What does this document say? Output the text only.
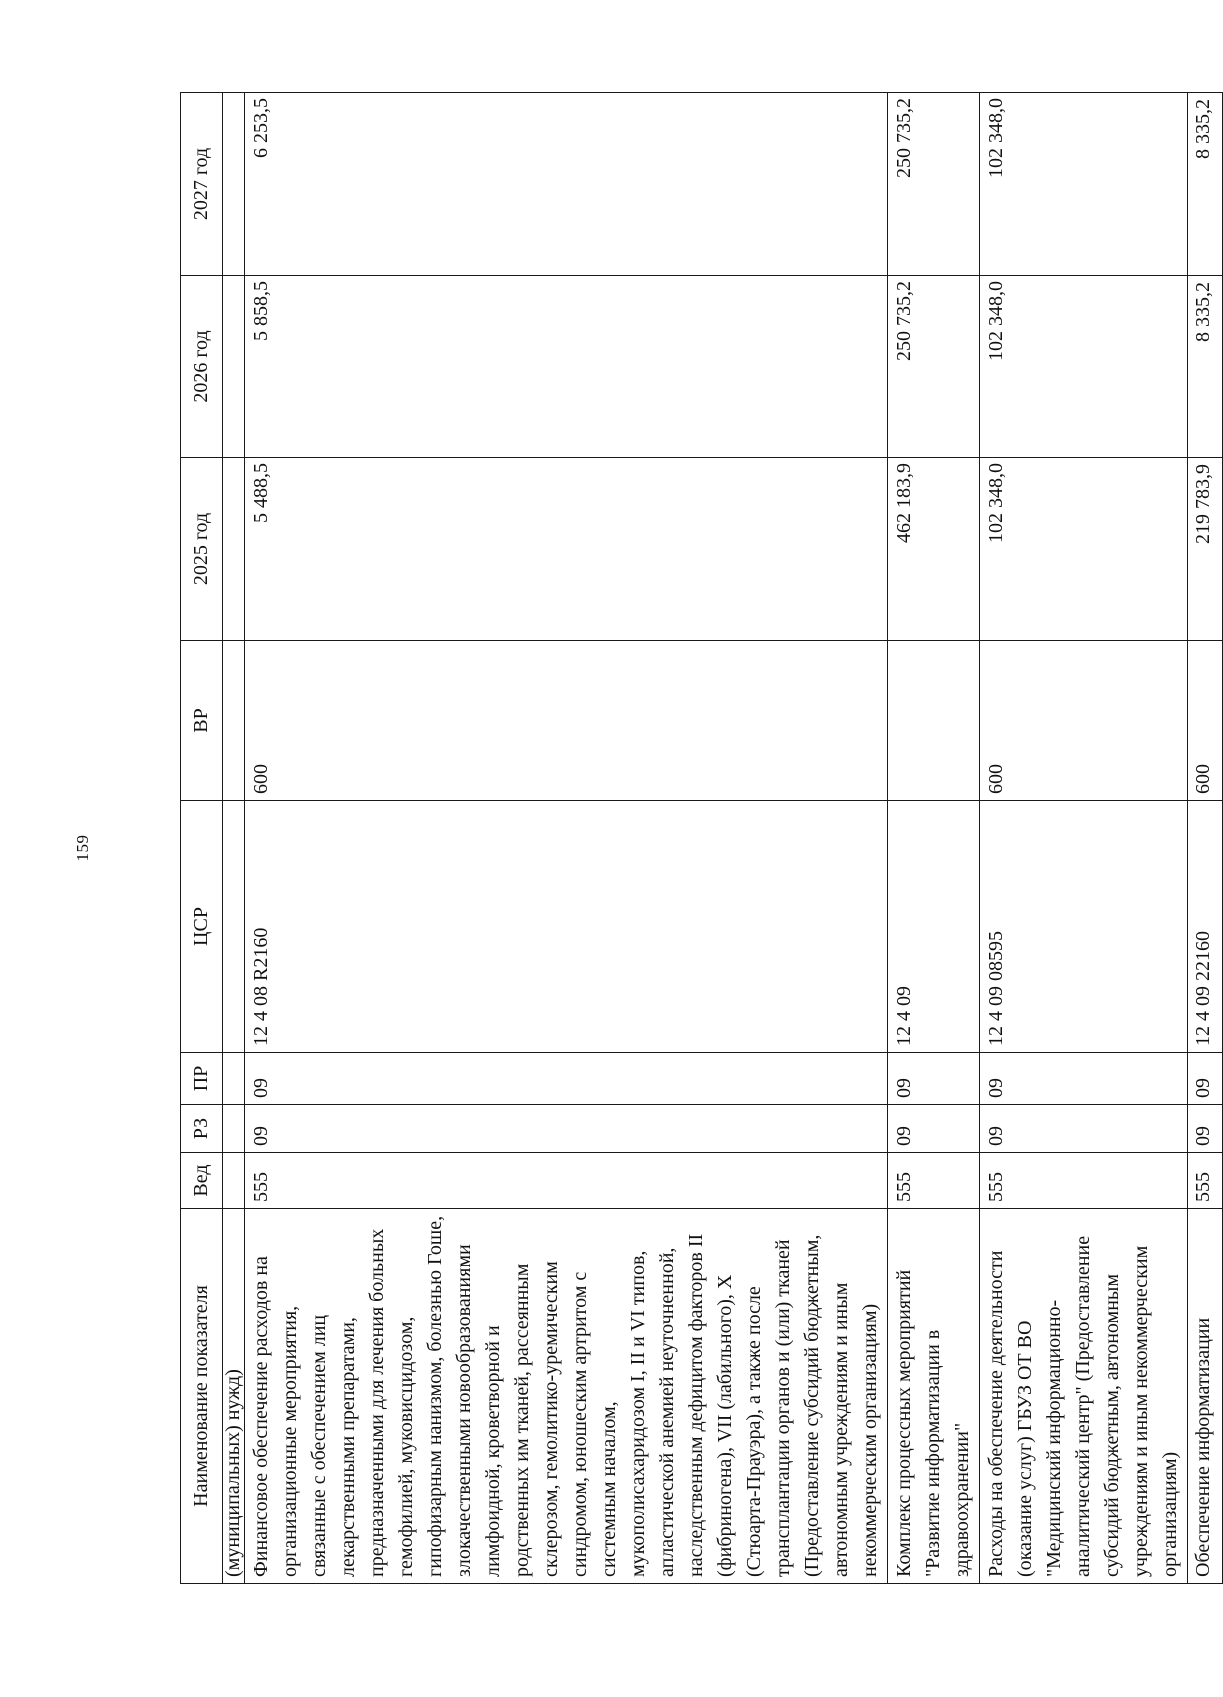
159
Наименование показателя	Вед	РЗ	ПР	ЦСР	ВР	2025 год	2026 год	2027 год
(муниципальных) нужд)								
Финансовое обеспечение расходов на организационные мероприятия, связанные с обеспечением лиц лекарственными препаратами, предназначенными для лечения больных гемофилией, муковисцидозом, гипофизарным нанизмом, болезнью Гоше, злокачественными новообразованиями лимфоидной, кроветворной и родственных им тканей, рассеянным склерозом, гемолитико-уремическим синдромом, юношеским артритом с системным началом, мукополисахаридозом I, II и VI типов, апластической анемией неуточненной, наследственным дефицитом факторов II (фибриногена), VII (лабильного), X (Стюарта-Прауэра), а также после трансплантации органов и (или) тканей (Предоставление субсидий бюджетным, автономным учреждениям и иным некоммерческим организациям)	555	09	09	12 4 08 R2160	600	5 488,5	5 858,5	6 253,5
Комплекс процессных мероприятий "Развитие информатизации в здравоохранении"	555	09	09	12 4 09		462 183,9	250 735,2	250 735,2
Расходы на обеспечение деятельности (оказание услуг) ГБУЗ ОТ ВО "Медицинский информационно-аналитический центр" (Предоставление субсидий бюджетным, автономным учреждениям и иным некоммерческим организациям)	555	09	09	12 4 09 08595	600	102 348,0	102 348,0	102 348,0
Обеспечение информатизации	555	09	09	12 4 09 22160	600	219 783,9	8 335,2	8 335,2
